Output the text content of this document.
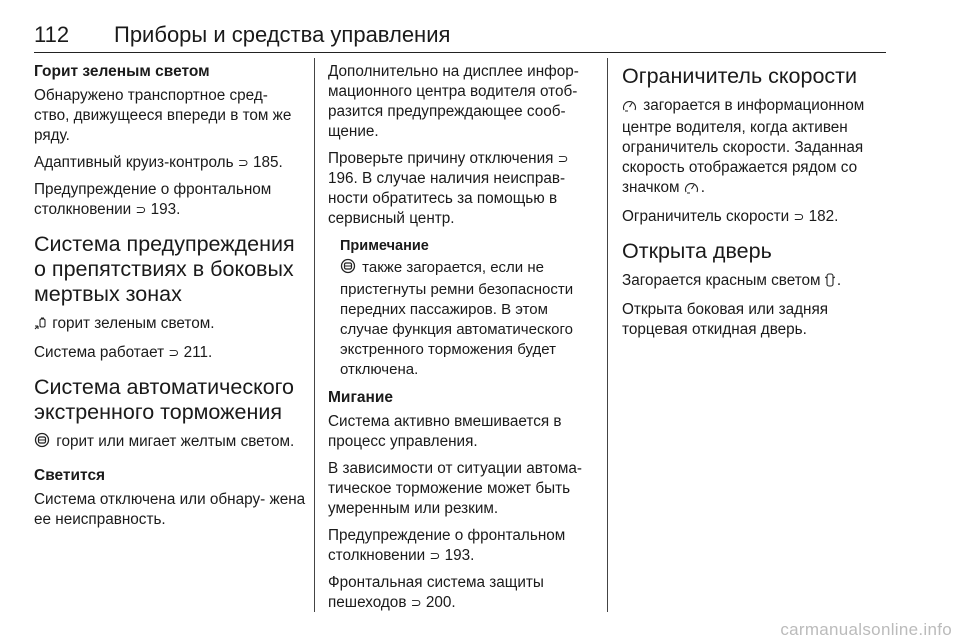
112 Приборы и средства управления
Горит зеленым светом

Обнаружено транспортное сред- ство, движущееся впереди в том же ряду.

Адаптивный круиз-контроль ⊃ 185.

Предупреждение о фронтальном столкновении ⊃ 193.

Система предупреждения о препятствиях в боковых мертвых зонах

горит зеленым светом.

Система работает ⊃ 211.

Система автоматического экстренного торможения

горит или мигает желтым светом.

Светится

Система отключена или обнару- жена ее неисправность.

Дополнительно на дисплее инфор- мационного центра водителя отоб- разится предупреждающее сооб- щение.

Проверьте причину отключения ⊃ 196. В случае наличия неисправ- ности обратитесь за помощью в сервисный центр.

Примечание

также загорается, если не пристегнуты ремни безопасности передних пассажиров. В этом случае функция автоматического экстренного торможения будет отключена.

Мигание

Система активно вмешивается в процесс управления.

В зависимости от ситуации автома- тическое торможение может быть умеренным или резким.

Предупреждение о фронтальном столкновении ⊃ 193.

Фронтальная система защиты пешеходов ⊃ 200.

Ограничитель скорости

загорается в информационном центре водителя, когда активен ограничитель скорости. Заданная скорость отображается рядом со значком .

Ограничитель скорости ⊃ 182.

Открыта дверь

Загорается красным светом .

Открыта боковая или задняя торцевая откидная дверь.

carmanualsonline.info
